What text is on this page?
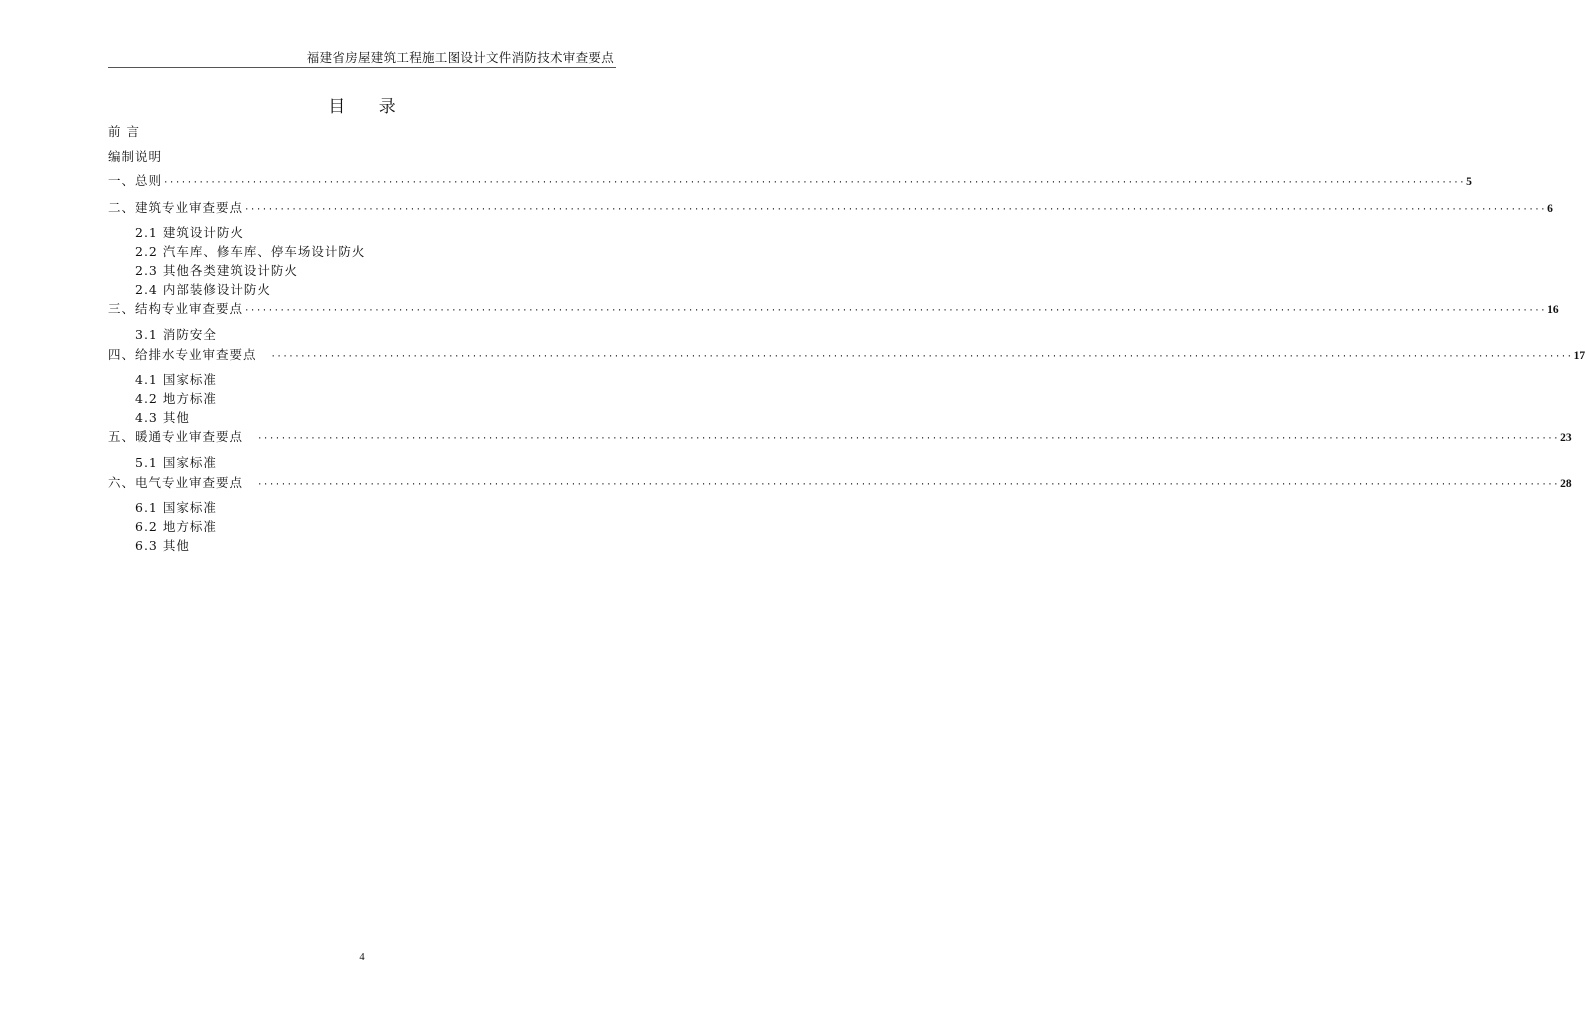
福建省房屋建筑工程施工图设计文件消防技术审查要点
目 录
前 言
编制说明
一、总则 ···························································································································································································································· 5
二、建筑专业审查要点 ···························································································································································································································· 6
2.1 建筑设计防火
2.2 汽车库、修车库、停车场设计防火
2.3 其他各类建筑设计防火
2.4 内部装修设计防火
三、结构专业审查要点 ···························································································································································································································· 16
3.1 消防安全
四、给排水专业审查要点 ···························································································································································································································· 17
4.1 国家标准
4.2 地方标准
4.3 其他
五、暖通专业审查要点 ···························································································································································································································· 23
5.1 国家标准
六、电气专业审查要点 ···························································································································································································································· 28
6.1 国家标准
6.2 地方标准
6.3 其他
4
